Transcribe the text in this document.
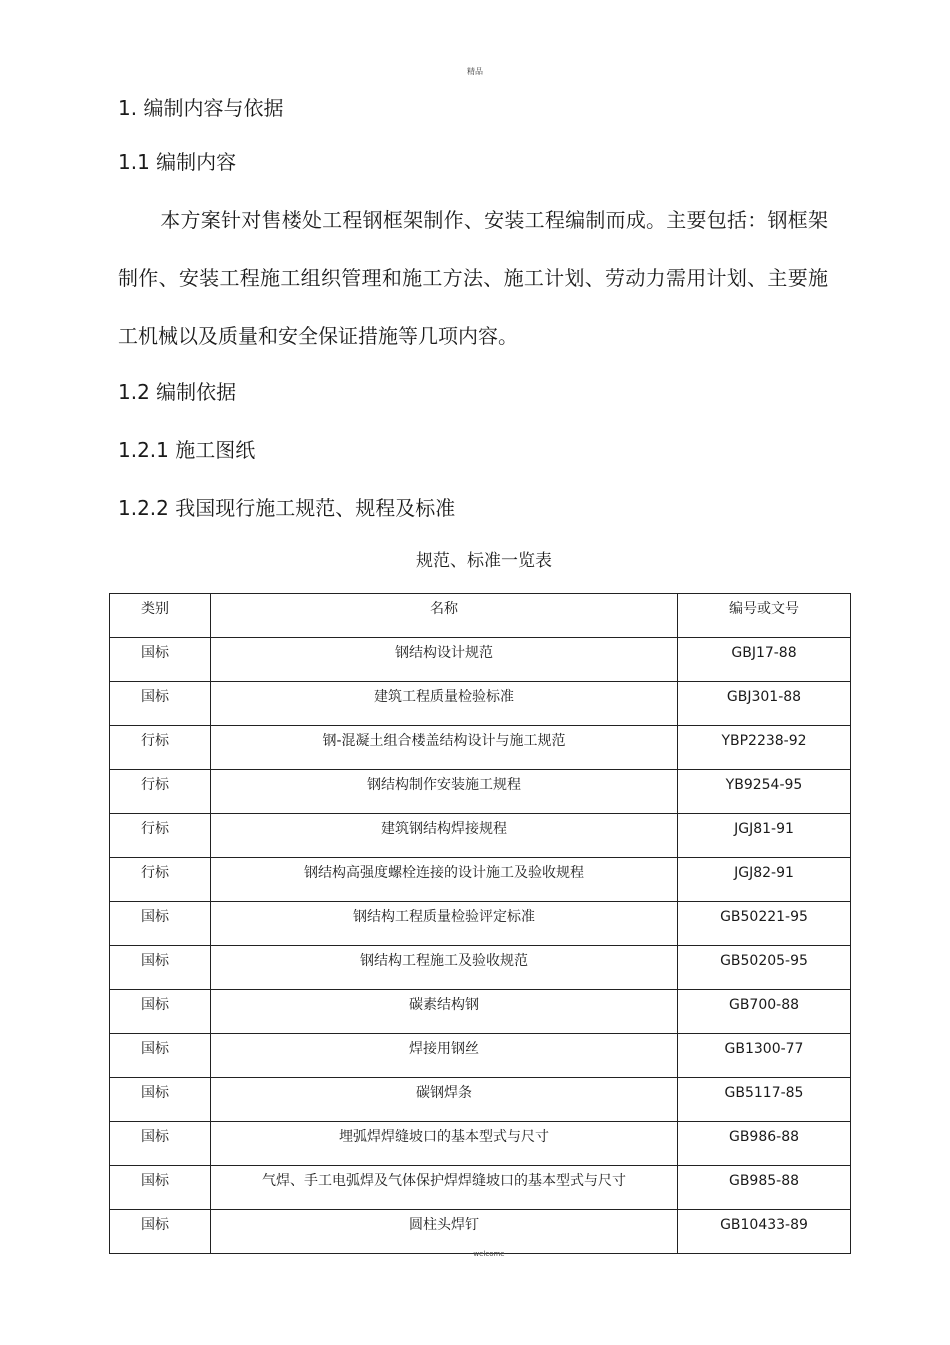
精品
1. 编制内容与依据
1.1 编制内容
本方案针对售楼处工程钢框架制作、安装工程编制而成。主要包括：钢框架制作、安装工程施工组织管理和施工方法、施工计划、劳动力需用计划、主要施工机械以及质量和安全保证措施等几项内容。
1.2 编制依据
1.2.1 施工图纸
1.2.2 我国现行施工规范、规程及标准
规范、标准一览表
类别	名称	编号或文号

国标	钢结构设计规范	GBJ17-88

国标	建筑工程质量检验标准	GBJ301-88

行标	钢-混凝土组合楼盖结构设计与施工规范	YBP2238-92

行标	钢结构制作安装施工规程	YB9254-95

行标	建筑钢结构焊接规程	JGJ81-91

行标	钢结构高强度螺栓连接的设计施工及验收规程	JGJ82-91

国标	钢结构工程质量检验评定标准	GB50221-95

国标	钢结构工程施工及验收规范	GB50205-95

国标	碳素结构钢	GB700-88

国标	焊接用钢丝	GB1300-77

国标	碳钢焊条	GB5117-85

国标	埋弧焊焊缝坡口的基本型式与尺寸	GB986-88

国标	气焊、手工电弧焊及气体保护焊焊缝坡口的基本型式与尺寸	GB985-88

国标	圆柱头焊钉	GB10433-89
welcome
